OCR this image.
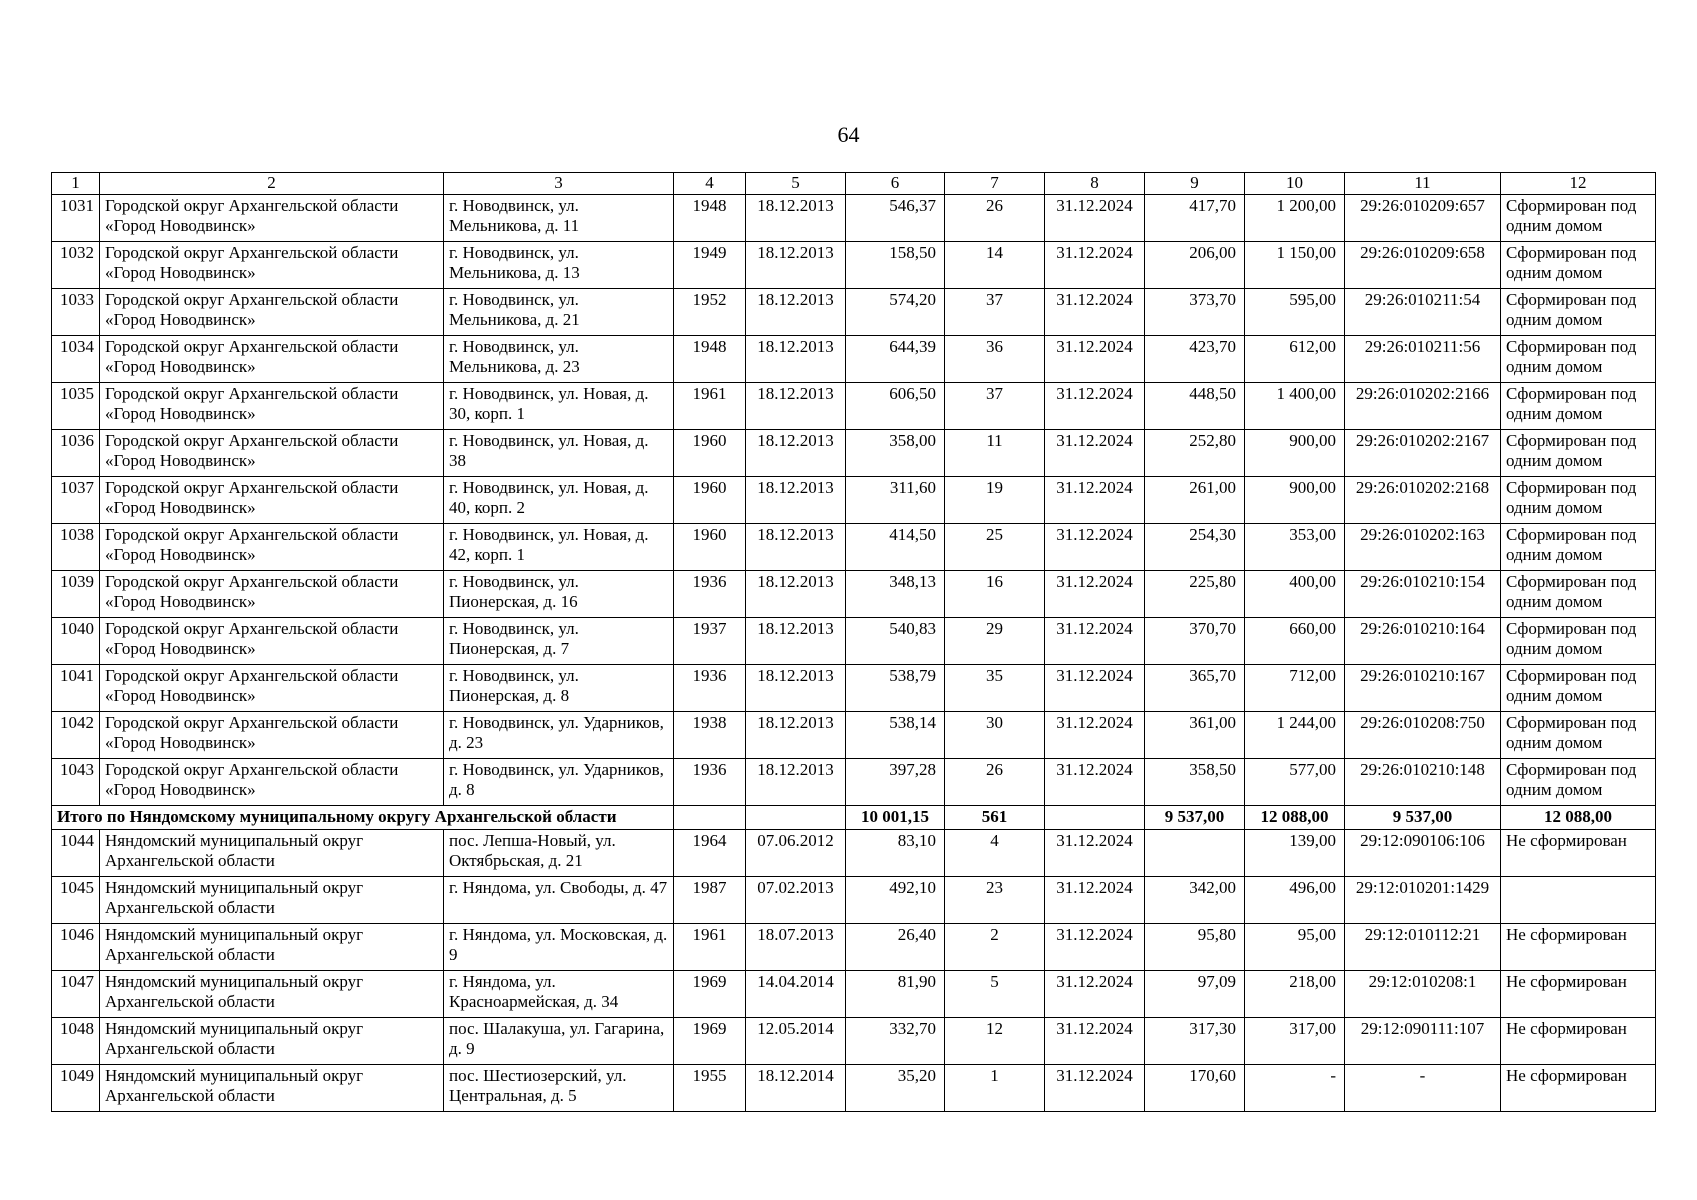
64
1	2	3	4	5	6	7	8	9	10	11	12
1031	Городской округ Архангельской области «Город Новодвинск»	г. Новодвинск, ул. Мельникова, д. 11	1948	18.12.2013	546,37	26	31.12.2024	417,70	1 200,00	29:26:010209:657	Сформирован под одним домом
1032	Городской округ Архангельской области «Город Новодвинск»	г. Новодвинск, ул. Мельникова, д. 13	1949	18.12.2013	158,50	14	31.12.2024	206,00	1 150,00	29:26:010209:658	Сформирован под одним домом
1033	Городской округ Архангельской области «Город Новодвинск»	г. Новодвинск, ул. Мельникова, д. 21	1952	18.12.2013	574,20	37	31.12.2024	373,70	595,00	29:26:010211:54	Сформирован под одним домом
1034	Городской округ Архангельской области «Город Новодвинск»	г. Новодвинск, ул. Мельникова, д. 23	1948	18.12.2013	644,39	36	31.12.2024	423,70	612,00	29:26:010211:56	Сформирован под одним домом
1035	Городской округ Архангельской области «Город Новодвинск»	г. Новодвинск, ул. Новая, д. 30, корп. 1	1961	18.12.2013	606,50	37	31.12.2024	448,50	1 400,00	29:26:010202:2166	Сформирован под одним домом
1036	Городской округ Архангельской области «Город Новодвинск»	г. Новодвинск, ул. Новая, д. 38	1960	18.12.2013	358,00	11	31.12.2024	252,80	900,00	29:26:010202:2167	Сформирован под одним домом
1037	Городской округ Архангельской области «Город Новодвинск»	г. Новодвинск, ул. Новая, д. 40, корп. 2	1960	18.12.2013	311,60	19	31.12.2024	261,00	900,00	29:26:010202:2168	Сформирован под одним домом
1038	Городской округ Архангельской области «Город Новодвинск»	г. Новодвинск, ул. Новая, д. 42, корп. 1	1960	18.12.2013	414,50	25	31.12.2024	254,30	353,00	29:26:010202:163	Сформирован под одним домом
1039	Городской округ Архангельской области «Город Новодвинск»	г. Новодвинск, ул. Пионерская, д. 16	1936	18.12.2013	348,13	16	31.12.2024	225,80	400,00	29:26:010210:154	Сформирован под одним домом
1040	Городской округ Архангельской области «Город Новодвинск»	г. Новодвинск, ул. Пионерская, д. 7	1937	18.12.2013	540,83	29	31.12.2024	370,70	660,00	29:26:010210:164	Сформирован под одним домом
1041	Городской округ Архангельской области «Город Новодвинск»	г. Новодвинск, ул. Пионерская, д. 8	1936	18.12.2013	538,79	35	31.12.2024	365,70	712,00	29:26:010210:167	Сформирован под одним домом
1042	Городской округ Архангельской области «Город Новодвинск»	г. Новодвинск, ул. Ударников, д. 23	1938	18.12.2013	538,14	30	31.12.2024	361,00	1 244,00	29:26:010208:750	Сформирован под одним домом
1043	Городской округ Архангельской области «Город Новодвинск»	г. Новодвинск, ул. Ударников, д. 8	1936	18.12.2013	397,28	26	31.12.2024	358,50	577,00	29:26:010210:148	Сформирован под одним домом
Итого по Няндомскому муниципальному округу Архангельской области					10 001,15	561		9 537,00	12 088,00	9 537,00	12 088,00
1044	Няндомский муниципальный округ Архангельской области	пос. Лепша-Новый, ул. Октябрьская, д. 21	1964	07.06.2012	83,10	4	31.12.2024		139,00	29:12:090106:106	Не сформирован
1045	Няндомский муниципальный округ Архангельской области	г. Няндома, ул. Свободы, д. 47	1987	07.02.2013	492,10	23	31.12.2024	342,00	496,00	29:12:010201:1429	
1046	Няндомский муниципальный округ Архангельской области	г. Няндома, ул. Московская, д. 9	1961	18.07.2013	26,40	2	31.12.2024	95,80	95,00	29:12:010112:21	Не сформирован
1047	Няндомский муниципальный округ Архангельской области	г. Няндома, ул. Красноармейская, д. 34	1969	14.04.2014	81,90	5	31.12.2024	97,09	218,00	29:12:010208:1	Не сформирован
1048	Няндомский муниципальный округ Архангельской области	пос. Шалакуша, ул. Гагарина, д. 9	1969	12.05.2014	332,70	12	31.12.2024	317,30	317,00	29:12:090111:107	Не сформирован
1049	Няндомский муниципальный округ Архангельской области	пос. Шестиозерский, ул. Центральная, д. 5	1955	18.12.2014	35,20	1	31.12.2024	170,60	-	-	Не сформирован
